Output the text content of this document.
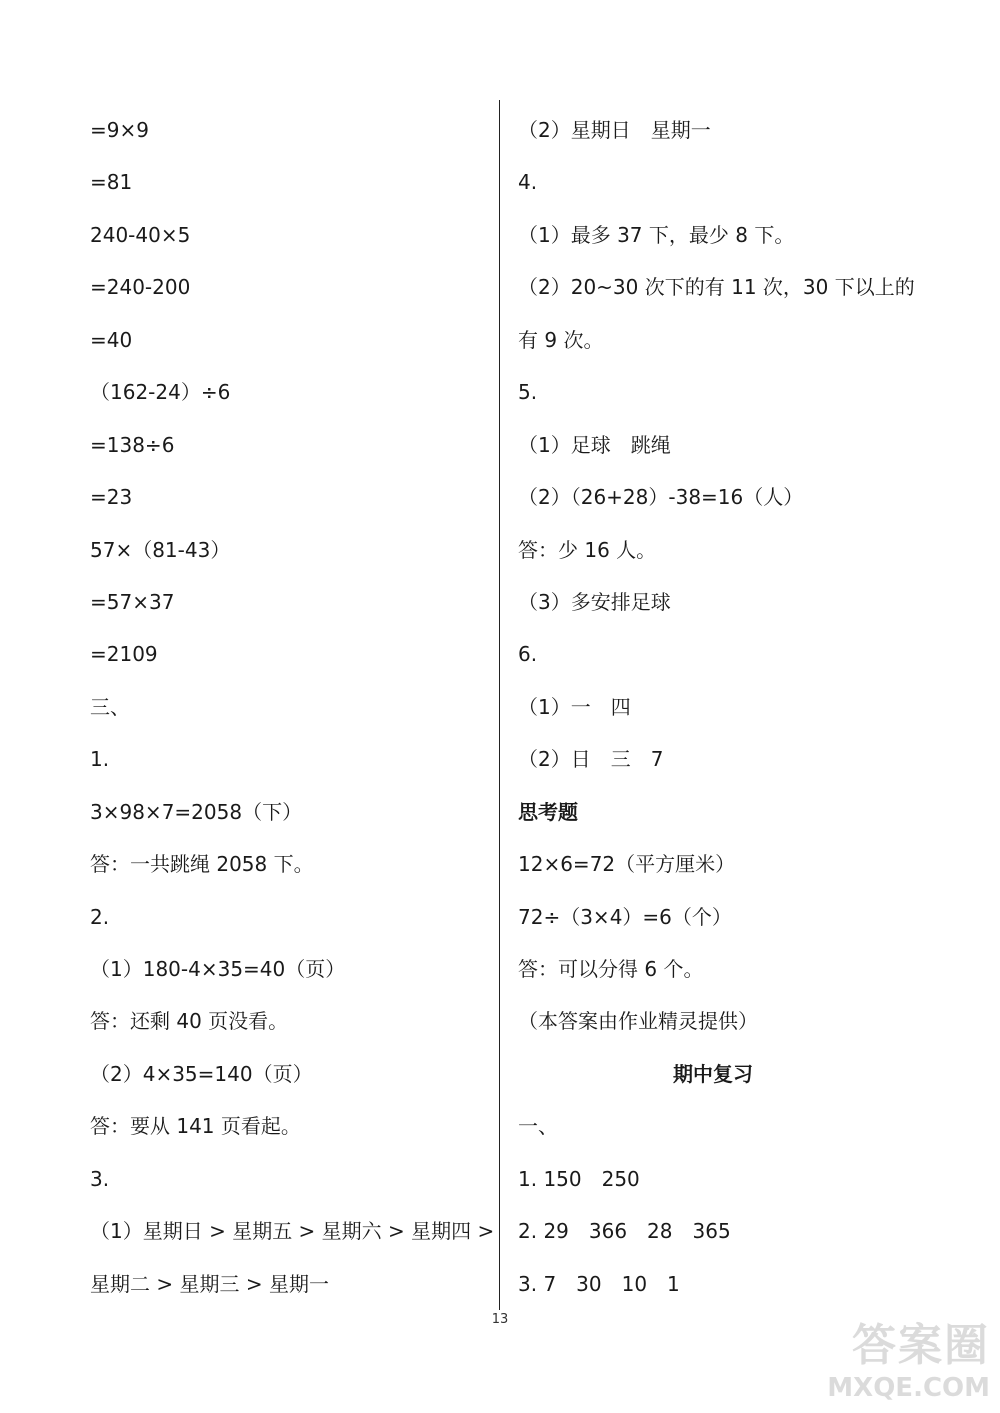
=9×9
=81
240-40×5
=240-200
=40
（162-24）÷6
=138÷6
=23
57×（81-43）
=57×37
=2109
三、
1.
3×98×7=2058（下）
答：一共跳绳 2058 下。
2.
（1）180-4×35=40（页）
答：还剩 40 页没看。
（2）4×35=140（页）
答：要从 141 页看起。
3.
（1）星期日 > 星期五 > 星期六 > 星期四 >
星期二 > 星期三 > 星期一
（2）星期日　星期一
4.
（1）最多 37 下，最少 8 下。
（2）20~30 次下的有 11 次，30 下以上的
有 9 次。
5.
（1）足球　跳绳
（2）（26+28）-38=16（人）
答：少 16 人。
（3）多安排足球
6.
（1）一　四
（2）日　三　7
思考题
12×6=72（平方厘米）
72÷（3×4）=6（个）
答：可以分得 6 个。
（本答案由作业精灵提供）
期中复习
一、
1. 150　250
2. 29　366　28　365
3. 7　30　10　1
13
答案圈
MXQE.COM
